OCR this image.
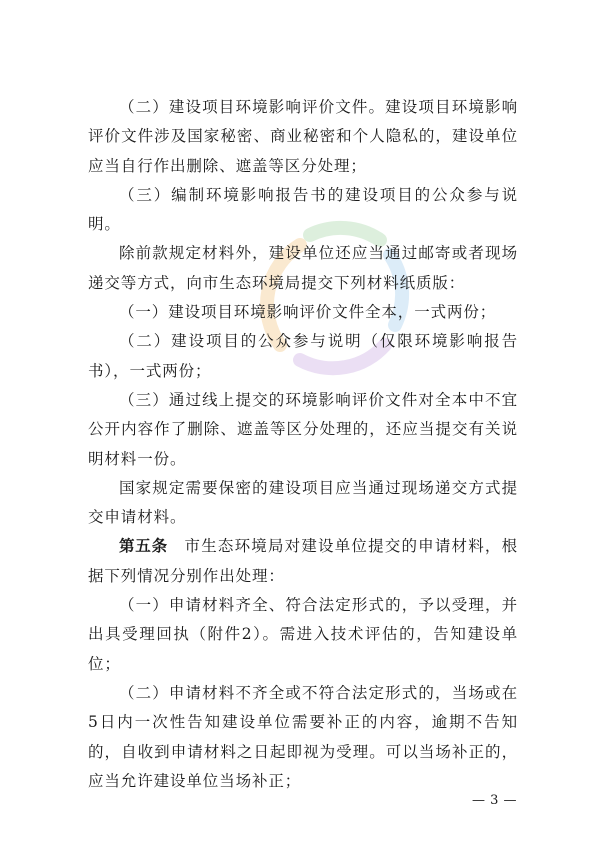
（二）建设项目环境影响评价文件。建设项目环境影响评价文件涉及国家秘密、商业秘密和个人隐私的，建设单位应当自行作出删除、遮盖等区分处理；

（三）编制环境影响报告书的建设项目的公众参与说明。

除前款规定材料外，建设单位还应当通过邮寄或者现场递交等方式，向市生态环境局提交下列材料纸质版：

（一）建设项目环境影响评价文件全本，一式两份；

（二）建设项目的公众参与说明（仅限环境影响报告书），一式两份；

（三）通过线上提交的环境影响评价文件对全本中不宜公开内容作了删除、遮盖等区分处理的，还应当提交有关说明材料一份。

国家规定需要保密的建设项目应当通过现场递交方式提交申请材料。

第五条　市生态环境局对建设单位提交的申请材料，根据下列情况分别作出处理：

（一）申请材料齐全、符合法定形式的，予以受理，并出具受理回执（附件2）。需进入技术评估的，告知建设单位；

（二）申请材料不齐全或不符合法定形式的，当场或在5日内一次性告知建设单位需要补正的内容，逾期不告知的，自收到申请材料之日起即视为受理。可以当场补正的，应当允许建设单位当场补正；

— 3 —
